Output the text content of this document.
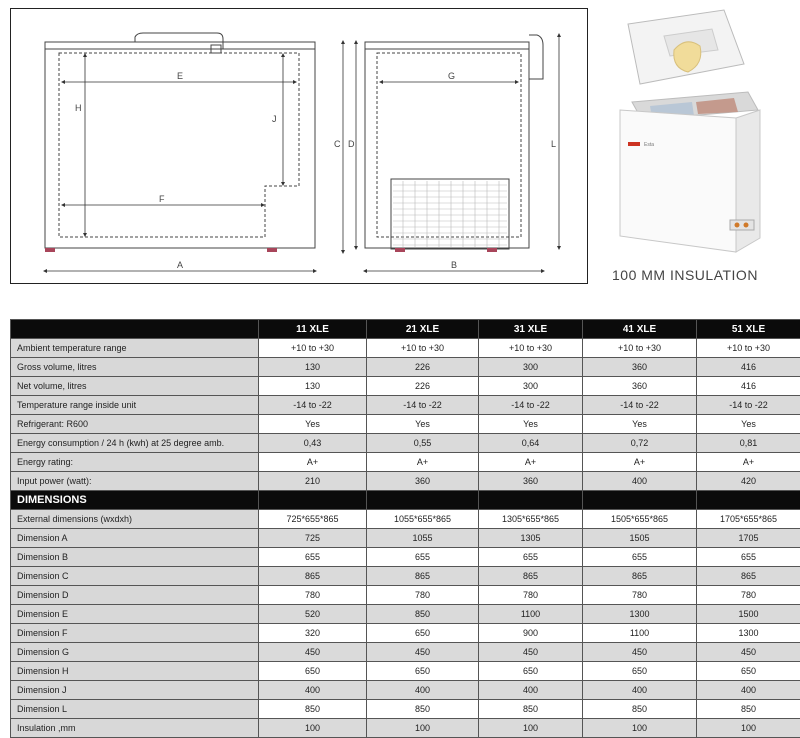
E
F
H
J
A
C D
G
B
L	Esta
100 MM INSULATION
	11 XLE	21 XLE	31 XLE	41 XLE	51 XLE
Ambient temperature range	+10 to +30	+10 to +30	+10 to +30	+10 to +30	+10 to +30
Gross volume, litres	130	226	300	360	416
Net volume, litres	130	226	300	360	416
Temperature range inside unit	-14 to -22	-14 to -22	-14 to -22	-14 to -22	-14 to -22
Refrigerant: R600	Yes	Yes	Yes	Yes	Yes
Energy consumption / 24 h (kwh) at 25 degree amb.	0,43	0,55	0,64	0,72	0,81
Energy rating:	A+	A+	A+	A+	A+
Input power (watt):	210	360	360	400	420
DIMENSIONS					
External dimensions (wxdxh)	725*655*865	1055*655*865	1305*655*865	1505*655*865	1705*655*865
Dimension A	725	1055	1305	1505	1705
Dimension B	655	655	655	655	655
Dimension C	865	865	865	865	865
Dimension D	780	780	780	780	780
Dimension E	520	850	1100	1300	1500
Dimension F	320	650	900	1100	1300
Dimension G	450	450	450	450	450
Dimension H	650	650	650	650	650
Dimension J	400	400	400	400	400
Dimension L	850	850	850	850	850
Insulation ,mm	100	100	100	100	100
